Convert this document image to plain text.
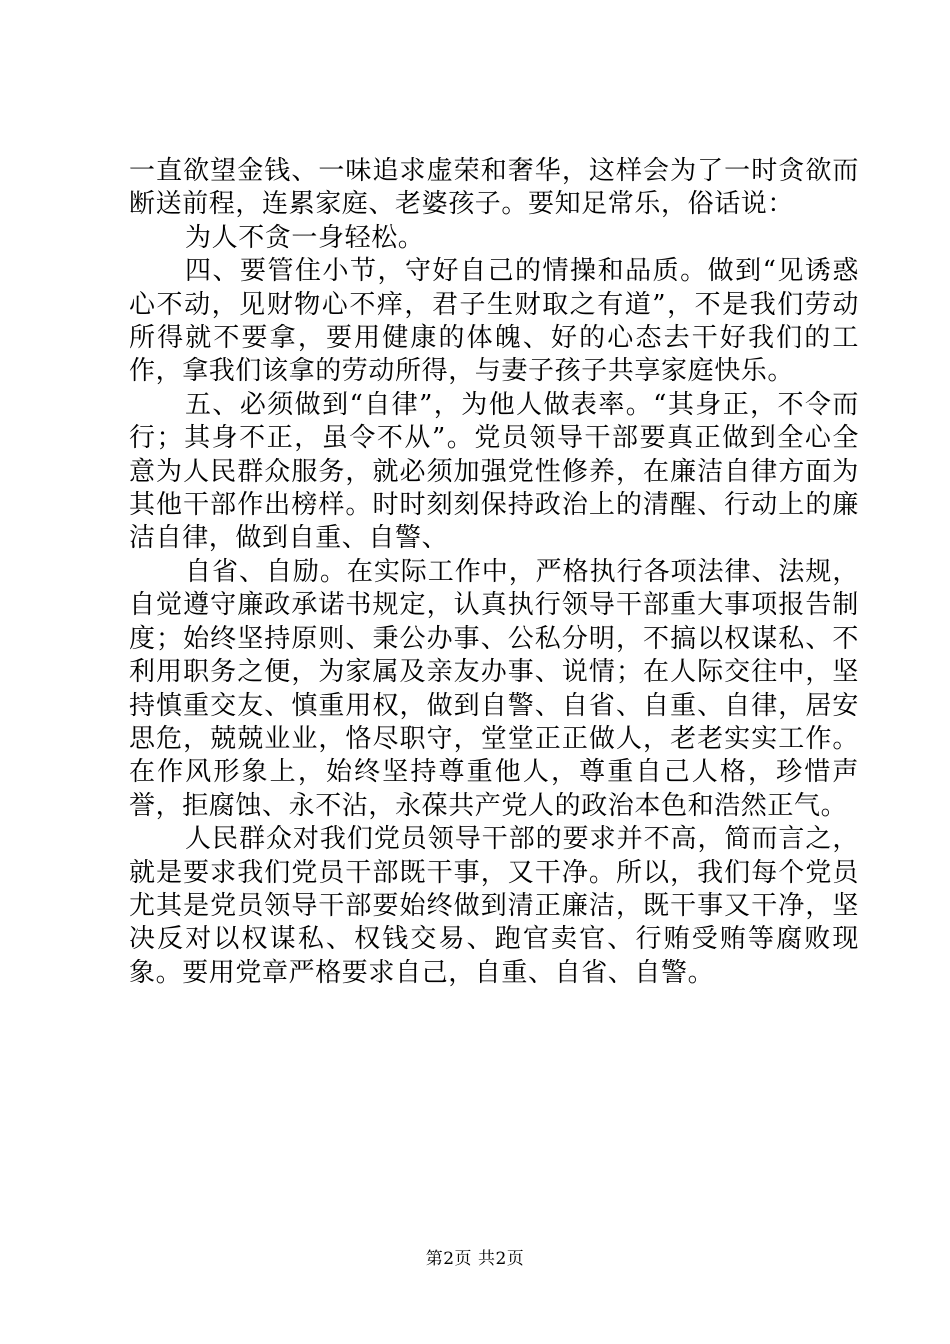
一直欲望金钱、一味追求虚荣和奢华，这样会为了一时贪欲而断送前程，连累家庭、老婆孩子。要知足常乐，俗话说：

为人不贪一身轻松。

四、要管住小节，守好自己的情操和品质。做到“见诱惑心不动，见财物心不痒，君子生财取之有道”，不是我们劳动所得就不要拿，要用健康的体魄、好的心态去干好我们的工作，拿我们该拿的劳动所得，与妻子孩子共享家庭快乐。

五、必须做到“自律”，为他人做表率。“其身正，不令而行；其身不正，虽令不从”。党员领导干部要真正做到全心全意为人民群众服务，就必须加强党性修养，在廉洁自律方面为其他干部作出榜样。时时刻刻保持政治上的清醒、行动上的廉洁自律，做到自重、自警、

自省、自励。在实际工作中，严格执行各项法律、法规，自觉遵守廉政承诺书规定，认真执行领导干部重大事项报告制度；始终坚持原则、秉公办事、公私分明，不搞以权谋私、不利用职务之便，为家属及亲友办事、说情；在人际交往中，坚持慎重交友、慎重用权，做到自警、自省、自重、自律，居安思危，兢兢业业，恪尽职守，堂堂正正做人，老老实实工作。在作风形象上，始终坚持尊重他人，尊重自己人格，珍惜声誉，拒腐蚀、永不沾，永葆共产党人的政治本色和浩然正气。

人民群众对我们党员领导干部的要求并不高，简而言之，就是要求我们党员干部既干事，又干净。所以，我们每个党员尤其是党员领导干部要始终做到清正廉洁，既干事又干净，坚决反对以权谋私、权钱交易、跑官卖官、行贿受贿等腐败现象。要用党章严格要求自己，自重、自省、自警。

第2页 共2页
